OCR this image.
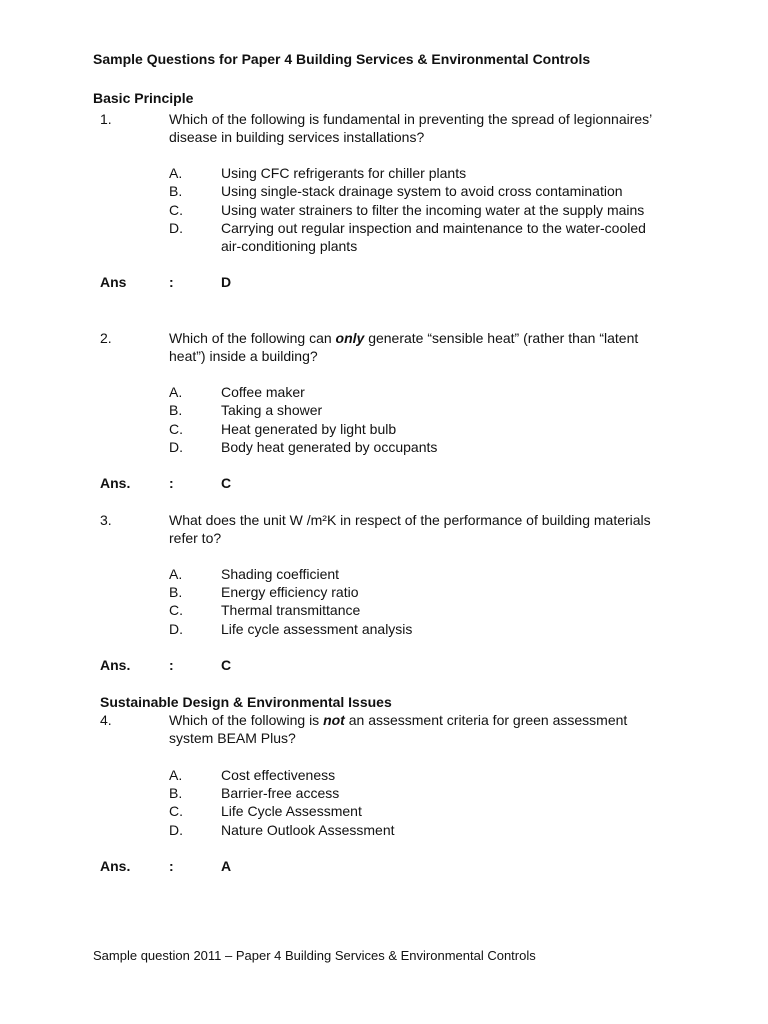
Sample Questions for Paper 4 Building Services & Environmental Controls
Basic Principle
1.	Which of the following is fundamental in preventing the spread of legionnaires’
disease in building services installations?
A.	Using CFC refrigerants for chiller plants
B.	Using single-stack drainage system to avoid cross contamination
C.	Using water strainers to filter the incoming water at the supply mains
D.	Carrying out regular inspection and maintenance to the water-cooled
air-conditioning plants
Ans	:	D
2.	Which of the following can only generate “sensible heat” (rather than “latent
heat”) inside a building?
A.	Coffee maker
B.	Taking a shower
C.	Heat generated by light bulb
D.	Body heat generated by occupants
Ans.	:	C
3.	What does the unit W /m²K in respect of the performance of building materials
refer to?
A.	Shading coefficient
B.	Energy efficiency ratio
C.	Thermal transmittance
D.	Life cycle assessment analysis
Ans.	:	C
Sustainable Design & Environmental Issues
4.	Which of the following is not an assessment criteria for green assessment
system BEAM Plus?
A.	Cost effectiveness
B.	Barrier-free access
C.	Life Cycle Assessment
D.	Nature Outlook Assessment
Ans.	:	A
Sample question 2011 – Paper 4 Building Services & Environmental Controls
